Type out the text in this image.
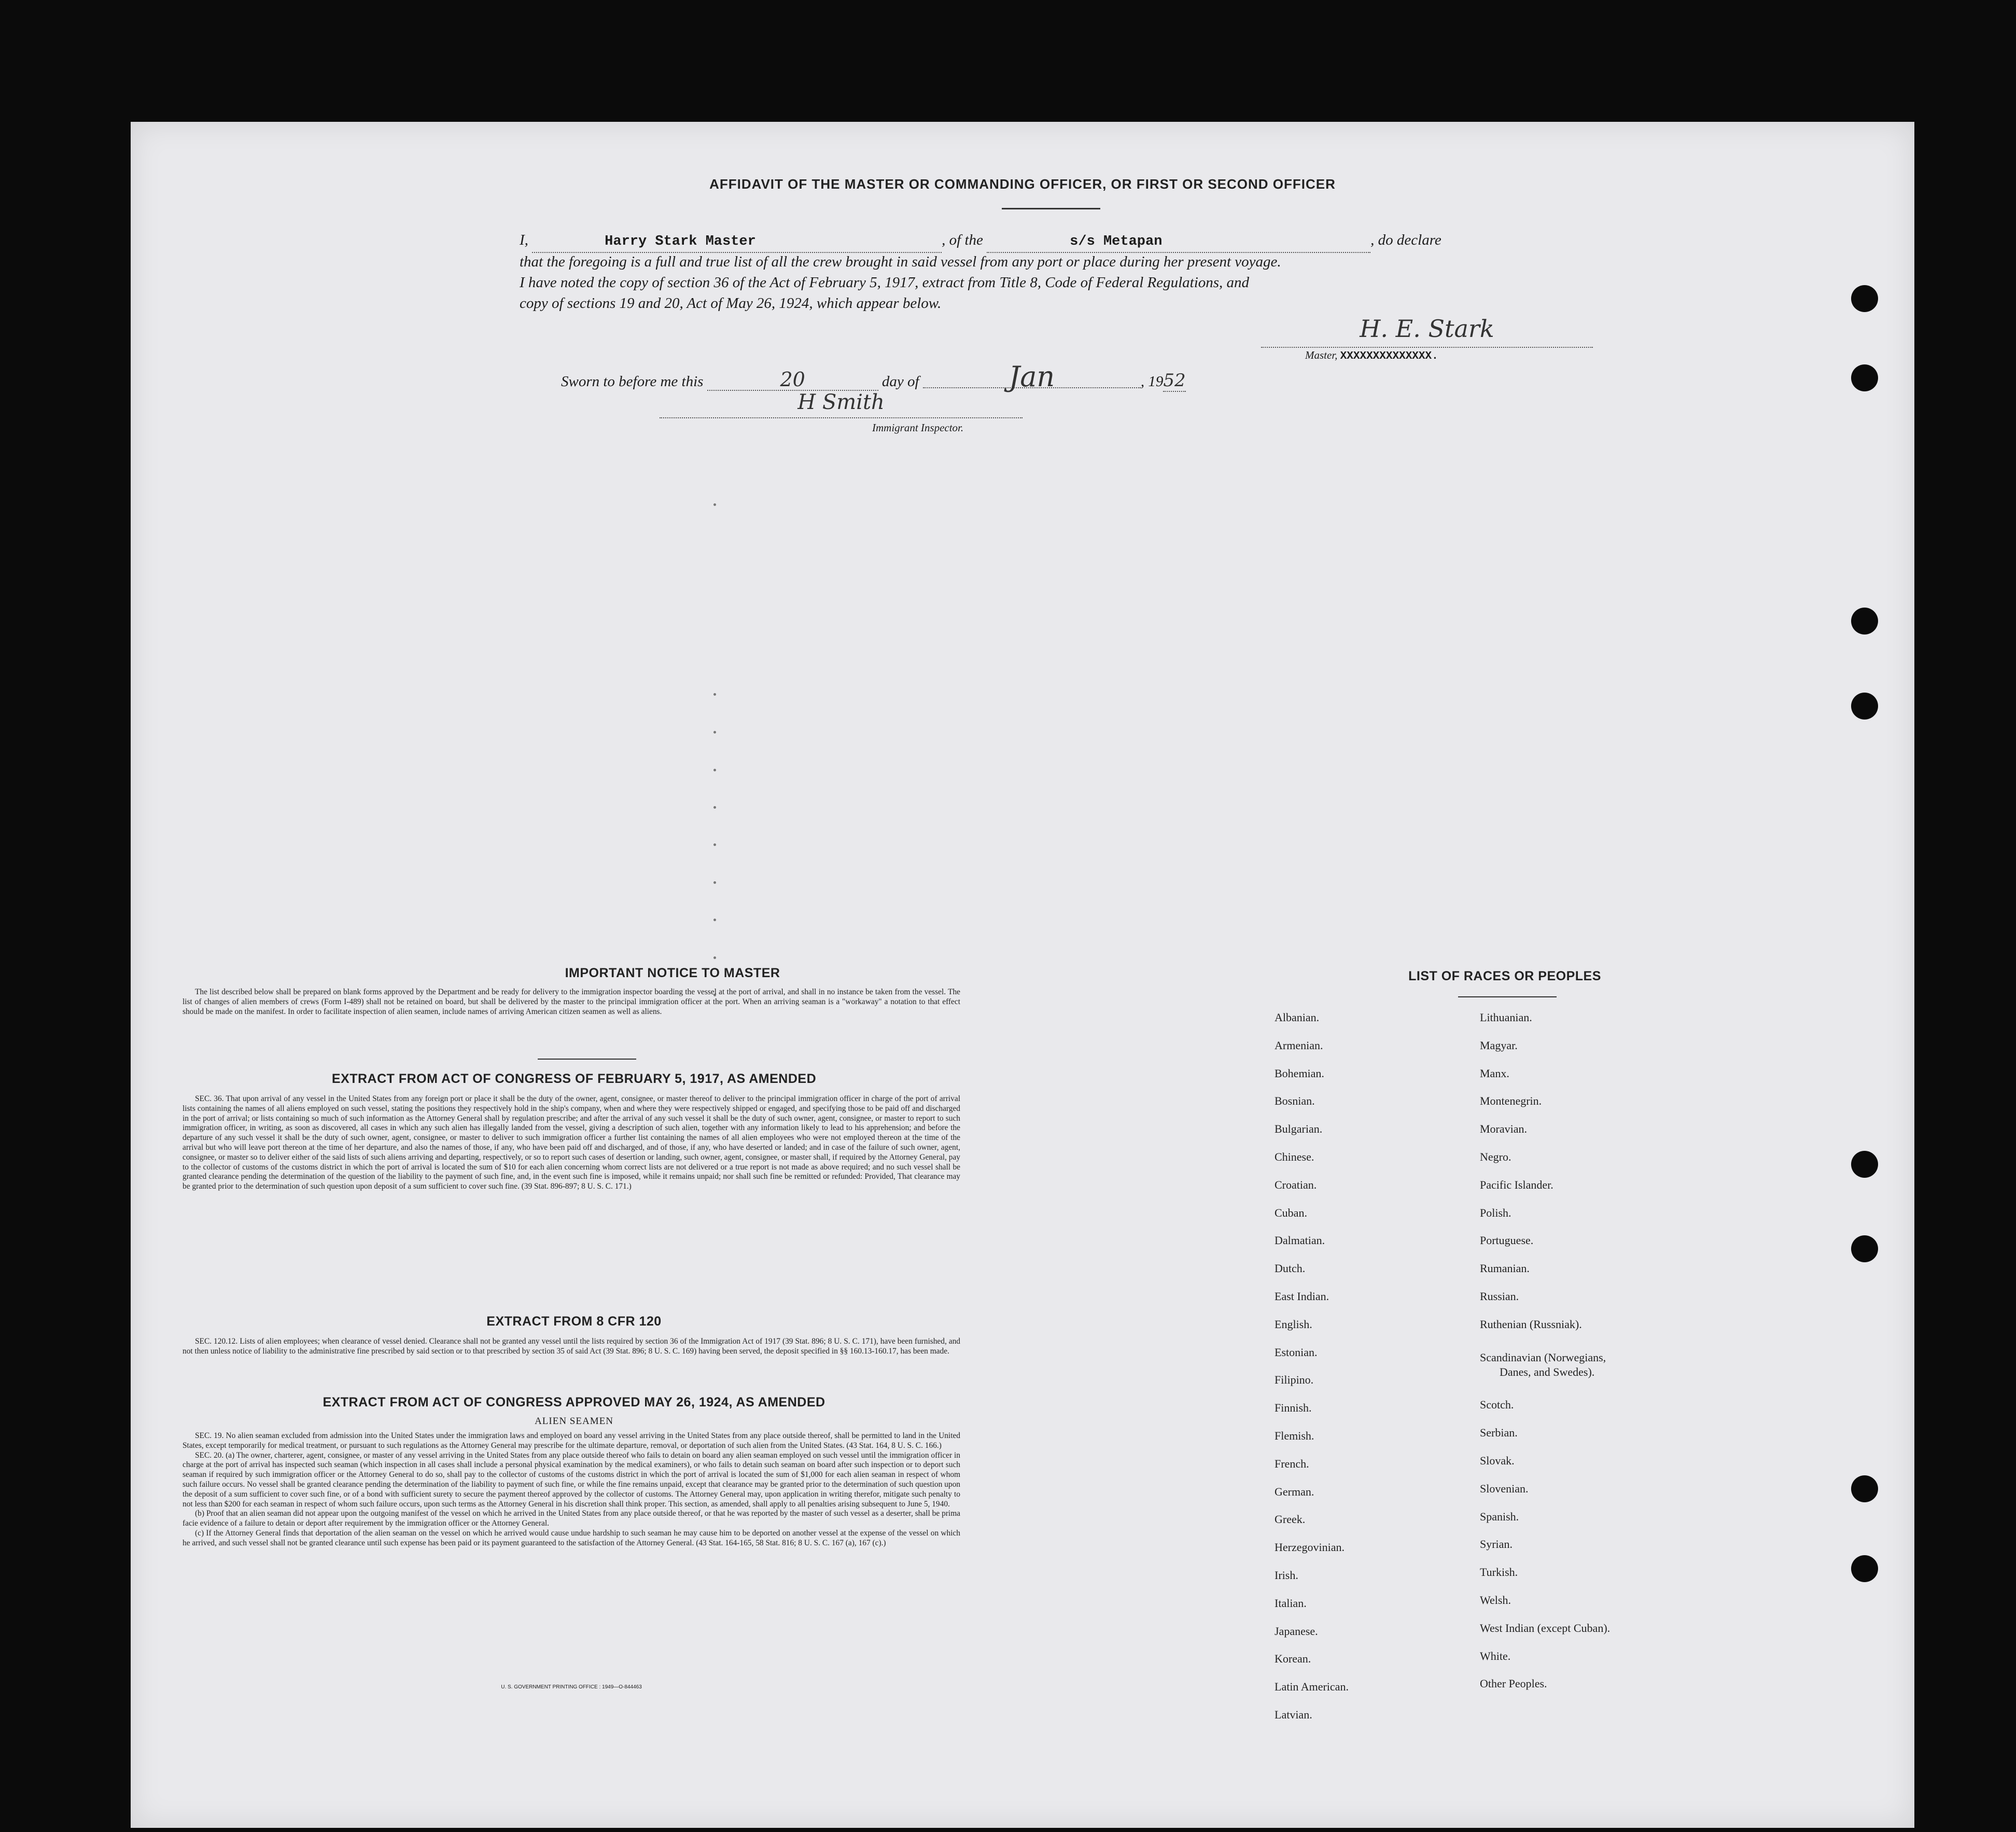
AFFIDAVIT OF THE MASTER OR COMMANDING OFFICER, OR FIRST OR SECOND OFFICER
I,	Harry Stark Master	, of the	s/s Metapan	, do declare
that the foregoing is a full and true list of all the crew brought in said vessel from any port or place during her present voyage.
I have noted the copy of section 36 of the Act of February 5, 1917, extract from Title 8, Code of Federal Regulations, and
copy of sections 19 and 20, Act of May 26, 1924, which appear below.
H. E. Stark
Master, XXXXXXXXXXXXXX.
Sworn to before me this	20	day of	Jan	, 1952
H Smith
Immigrant Inspector.
IMPORTANT NOTICE TO MASTER

The list described below shall be prepared on blank forms approved by the Department and be ready for delivery to the immigration inspector boarding the vessel at the port of arrival, and shall in no instance be taken from the vessel. The list of changes of alien members of crews (Form I-489) shall not be retained on board, but shall be delivered by the master to the principal immigration officer at the port. When an arriving seaman is a "workaway" a notation to that effect should be made on the manifest. In order to facilitate inspection of alien seamen, include names of arriving American citizen seamen as well as aliens.

EXTRACT FROM ACT OF CONGRESS OF FEBRUARY 5, 1917, AS AMENDED

SEC. 36. That upon arrival of any vessel in the United States from any foreign port or place it shall be the duty of the owner, agent, consignee, or master thereof to deliver to the principal immigration officer in charge of the port of arrival lists containing the names of all aliens employed on such vessel, stating the positions they respectively hold in the ship's company, when and where they were respectively shipped or engaged, and specifying those to be paid off and discharged in the port of arrival; or lists containing so much of such information as the Attorney General shall by regulation prescribe; and after the arrival of any such vessel it shall be the duty of such owner, agent, consignee, or master to report to such immigration officer, in writing, as soon as discovered, all cases in which any such alien has illegally landed from the vessel, giving a description of such alien, together with any information likely to lead to his apprehension; and before the departure of any such vessel it shall be the duty of such owner, agent, consignee, or master to deliver to such immigration officer a further list containing the names of all alien employees who were not employed thereon at the time of the arrival but who will leave port thereon at the time of her departure, and also the names of those, if any, who have been paid off and discharged, and of those, if any, who have deserted or landed; and in case of the failure of such owner, agent, consignee, or master so to deliver either of the said lists of such aliens arriving and departing, respectively, or so to report such cases of desertion or landing, such owner, agent, consignee, or master shall, if required by the Attorney General, pay to the collector of customs of the customs district in which the port of arrival is located the sum of $10 for each alien concerning whom correct lists are not delivered or a true report is not made as above required; and no such vessel shall be granted clearance pending the determination of the question of the liability to the payment of such fine, and, in the event such fine is imposed, while it remains unpaid; nor shall such fine be remitted or refunded: Provided, That clearance may be granted prior to the determination of such question upon deposit of a sum sufficient to cover such fine. (39 Stat. 896-897; 8 U. S. C. 171.)

EXTRACT FROM 8 CFR 120

SEC. 120.12. Lists of alien employees; when clearance of vessel denied. Clearance shall not be granted any vessel until the lists required by section 36 of the Immigration Act of 1917 (39 Stat. 896; 8 U. S. C. 171), have been furnished, and not then unless notice of liability to the administrative fine prescribed by said section or to that prescribed by section 35 of said Act (39 Stat. 896; 8 U. S. C. 169) having been served, the deposit specified in §§ 160.13-160.17, has been made.

EXTRACT FROM ACT OF CONGRESS APPROVED MAY 26, 1924, AS AMENDED
ALIEN SEAMEN

SEC. 19. No alien seaman excluded from admission into the United States under the immigration laws and employed on board any vessel arriving in the United States from any place outside thereof, shall be permitted to land in the United States, except temporarily for medical treatment, or pursuant to such regulations as the Attorney General may prescribe for the ultimate departure, removal, or deportation of such alien from the United States. (43 Stat. 164, 8 U. S. C. 166.)

SEC. 20. (a) The owner, charterer, agent, consignee, or master of any vessel arriving in the United States from any place outside thereof who fails to detain on board any alien seaman employed on such vessel until the immigration officer in charge at the port of arrival has inspected such seaman (which inspection in all cases shall include a personal physical examination by the medical examiners), or who fails to detain such seaman on board after such inspection or to deport such seaman if required by such immigration officer or the Attorney General to do so, shall pay to the collector of customs of the customs district in which the port of arrival is located the sum of $1,000 for each alien seaman in respect of whom such failure occurs. No vessel shall be granted clearance pending the determination of the liability to payment of such fine, or while the fine remains unpaid, except that clearance may be granted prior to the determination of such question upon the deposit of a sum sufficient to cover such fine, or of a bond with sufficient surety to secure the payment thereof approved by the collector of customs. The Attorney General may, upon application in writing therefor, mitigate such penalty to not less than $200 for each seaman in respect of whom such failure occurs, upon such terms as the Attorney General in his discretion shall think proper. This section, as amended, shall apply to all penalties arising subsequent to June 5, 1940.

(b) Proof that an alien seaman did not appear upon the outgoing manifest of the vessel on which he arrived in the United States from any place outside thereof, or that he was reported by the master of such vessel as a deserter, shall be prima facie evidence of a failure to detain or deport after requirement by the immigration officer or the Attorney General.

(c) If the Attorney General finds that deportation of the alien seaman on the vessel on which he arrived would cause undue hardship to such seaman he may cause him to be deported on another vessel at the expense of the vessel on which he arrived, and such vessel shall not be granted clearance until such expense has been paid or its payment guaranteed to the satisfaction of the Attorney General. (43 Stat. 164-165, 58 Stat. 816; 8 U. S. C. 167 (a), 167 (c).)

U. S. GOVERNMENT PRINTING OFFICE : 1949—O-844463
LIST OF RACES OR PEOPLES
Albanian.
Armenian.
Bohemian.
Bosnian.
Bulgarian.
Chinese.
Croatian.
Cuban.
Dalmatian.
Dutch.
East Indian.
English.
Estonian.
Filipino.
Finnish.
Flemish.
French.
German.
Greek.
Herzegovinian.
Irish.
Italian.
Japanese.
Korean.
Latin American.
Latvian.
Lithuanian.
Magyar.
Manx.
Montenegrin.
Moravian.
Negro.
Pacific Islander.
Polish.
Portuguese.
Rumanian.
Russian.
Ruthenian (Russniak).
Scandinavian (Norwegians,
Danes, and Swedes).
Scotch.
Serbian.
Slovak.
Slovenian.
Spanish.
Syrian.
Turkish.
Welsh.
West Indian (except Cuban).
White.
Other Peoples.
